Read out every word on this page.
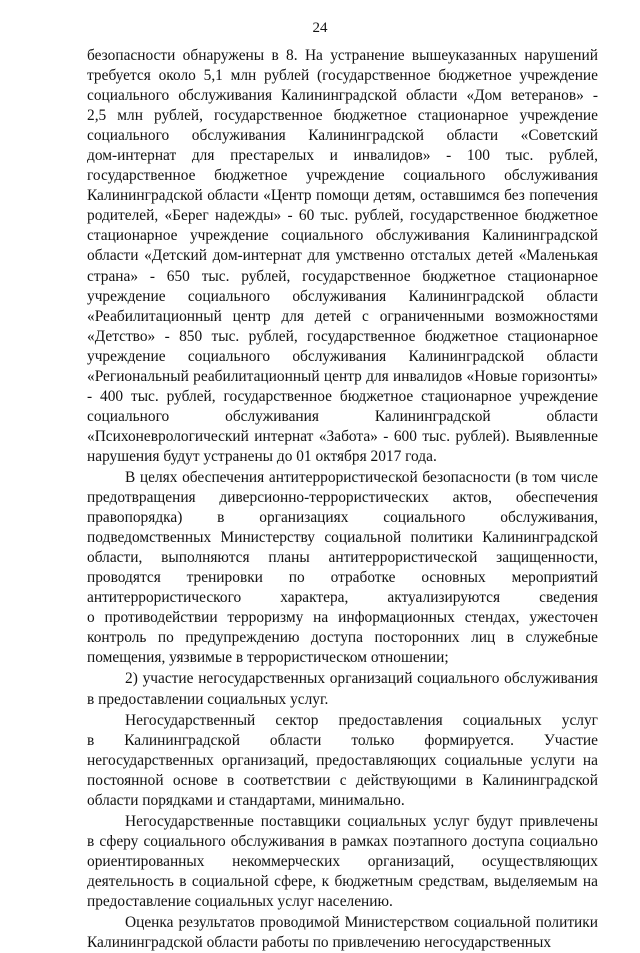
24
безопасности обнаружены в 8. На устранение вышеуказанных нарушений
требуется около 5,1 млн рублей (государственное бюджетное учреждение
социального обслуживания Калининградской области «Дом ветеранов» -
2,5 млн рублей, государственное бюджетное стационарное учреждение
социального обслуживания Калининградской области «Советский
дом-интернат для престарелых и инвалидов» - 100 тыс. рублей,
государственное бюджетное учреждение социального обслуживания
Калининградской области «Центр помощи детям, оставшимся без попечения
родителей, «Берег надежды» - 60 тыс. рублей, государственное бюджетное
стационарное учреждение социального обслуживания Калининградской
области «Детский дом-интернат для умственно отсталых детей «Маленькая
страна» - 650 тыс. рублей, государственное бюджетное стационарное
учреждение социального обслуживания Калининградской области
«Реабилитационный центр для детей с ограниченными возможностями
«Детство» - 850 тыс. рублей, государственное бюджетное стационарное
учреждение социального обслуживания Калининградской области
«Региональный реабилитационный центр для инвалидов «Новые горизонты»
- 400 тыс. рублей, государственное бюджетное стационарное учреждение
социального обслуживания Калининградской области
«Психоневрологический интернат «Забота» - 600 тыс. рублей). Выявленные
нарушения будут устранены до 01 октября 2017 года.
В целях обеспечения антитеррористической безопасности (в том числе
предотвращения диверсионно-террористических актов, обеспечения
правопорядка) в организациях социального обслуживания,
подведомственных Министерству социальной политики Калининградской
области, выполняются планы антитеррористической защищенности,
проводятся тренировки по отработке основных мероприятий
антитеррористического характера, актуализируются сведения
о противодействии терроризму на информационных стендах, ужесточен
контроль по предупреждению доступа посторонних лиц в служебные
помещения, уязвимые в террористическом отношении;
2) участие негосударственных организаций социального обслуживания
в предоставлении социальных услуг.
Негосударственный сектор предоставления социальных услуг
в Калининградской области только формируется. Участие
негосударственных организаций, предоставляющих социальные услуги на
постоянной основе в соответствии с действующими в Калининградской
области порядками и стандартами, минимально.
Негосударственные поставщики социальных услуг будут привлечены
в сферу социального обслуживания в рамках поэтапного доступа социально
ориентированных некоммерческих организаций, осуществляющих
деятельность в социальной сфере, к бюджетным средствам, выделяемым на
предоставление социальных услуг населению.
Оценка результатов проводимой Министерством социальной политики
Калининградской области работы по привлечению негосударственных
